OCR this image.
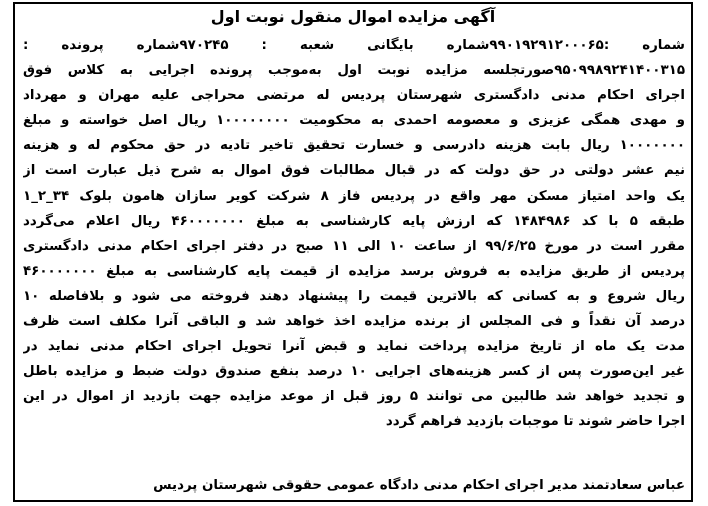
آگهی مزایده اموال منقول نوبت اول
شماره :۹۹۰۱۹۲۹۱۲۰۰۰۶۵شماره بایگانی شعبه : ۹۷۰۲۴۵شماره پرونده :
۹۵۰۹۹۸۹۲۴۱۴۰۰۳۱۵صورتجلسه مزایده نوبت اول به‌موجب پرونده اجرایی به کلاس فوق
اجرای احکام مدنی دادگستری شهرستان پردیس له مرتضی محراجی علیه مهران و مهرداد
و مهدی همگی عزیزی و معصومه احمدی به محکومیت ۱۰۰۰۰۰۰۰۰ ریال اصل خواسته و مبلغ
۱۰۰۰۰۰۰۰ ریال بابت هزینه دادرسی و خسارت تحقیق تاخیر تادیه در حق محکوم له و هزینه
نیم عشر دولتی در حق دولت که در قبال مطالبات فوق اموال به شرح ذیل عبارت است از
یک واحد امتیاز مسکن مهر واقع در پردیس فاز ۸ شرکت کویر سازان هامون بلوک ۳۴_۲_۱
طبقه ۵ با کد ۱۴۸۴۹۸۶ که ارزش پایه کارشناسی به مبلغ ۴۶۰۰۰۰۰۰۰ ریال اعلام می‌گردد
مقرر است در مورخ ۹۹/۶/۲۵ از ساعت ۱۰ الی ۱۱ صبح در دفتر اجرای احکام مدنی دادگستری
پردیس از طریق مزایده به فروش برسد مزایده از قیمت پایه کارشناسی به مبلغ ۴۶۰۰۰۰۰۰۰
ریال شروع و به کسانی که بالاترین قیمت را پیشنهاد دهند فروخته می شود و بلافاصله ۱۰
درصد آن نقداً و فی المجلس از برنده مزایده اخذ خواهد شد و الباقی آنرا مکلف است ظرف
مدت یک ماه از تاریخ مزایده پرداخت نماید و قبض آنرا تحویل اجرای احکام مدنی نماید در
غیر این‌صورت پس از کسر هزینه‌های اجرایی ۱۰ درصد بنفع صندوق دولت ضبط و مزایده باطل
و تجدید خواهد شد طالبین می توانند ۵ روز قبل از موعد مزایده جهت بازدید از اموال در این
اجرا حاضر شوند تا موجبات بازدید فراهم گردد

عباس سعادتمند مدیر اجرای احکام مدنی دادگاه عمومی حقوقی شهرستان پردیس
